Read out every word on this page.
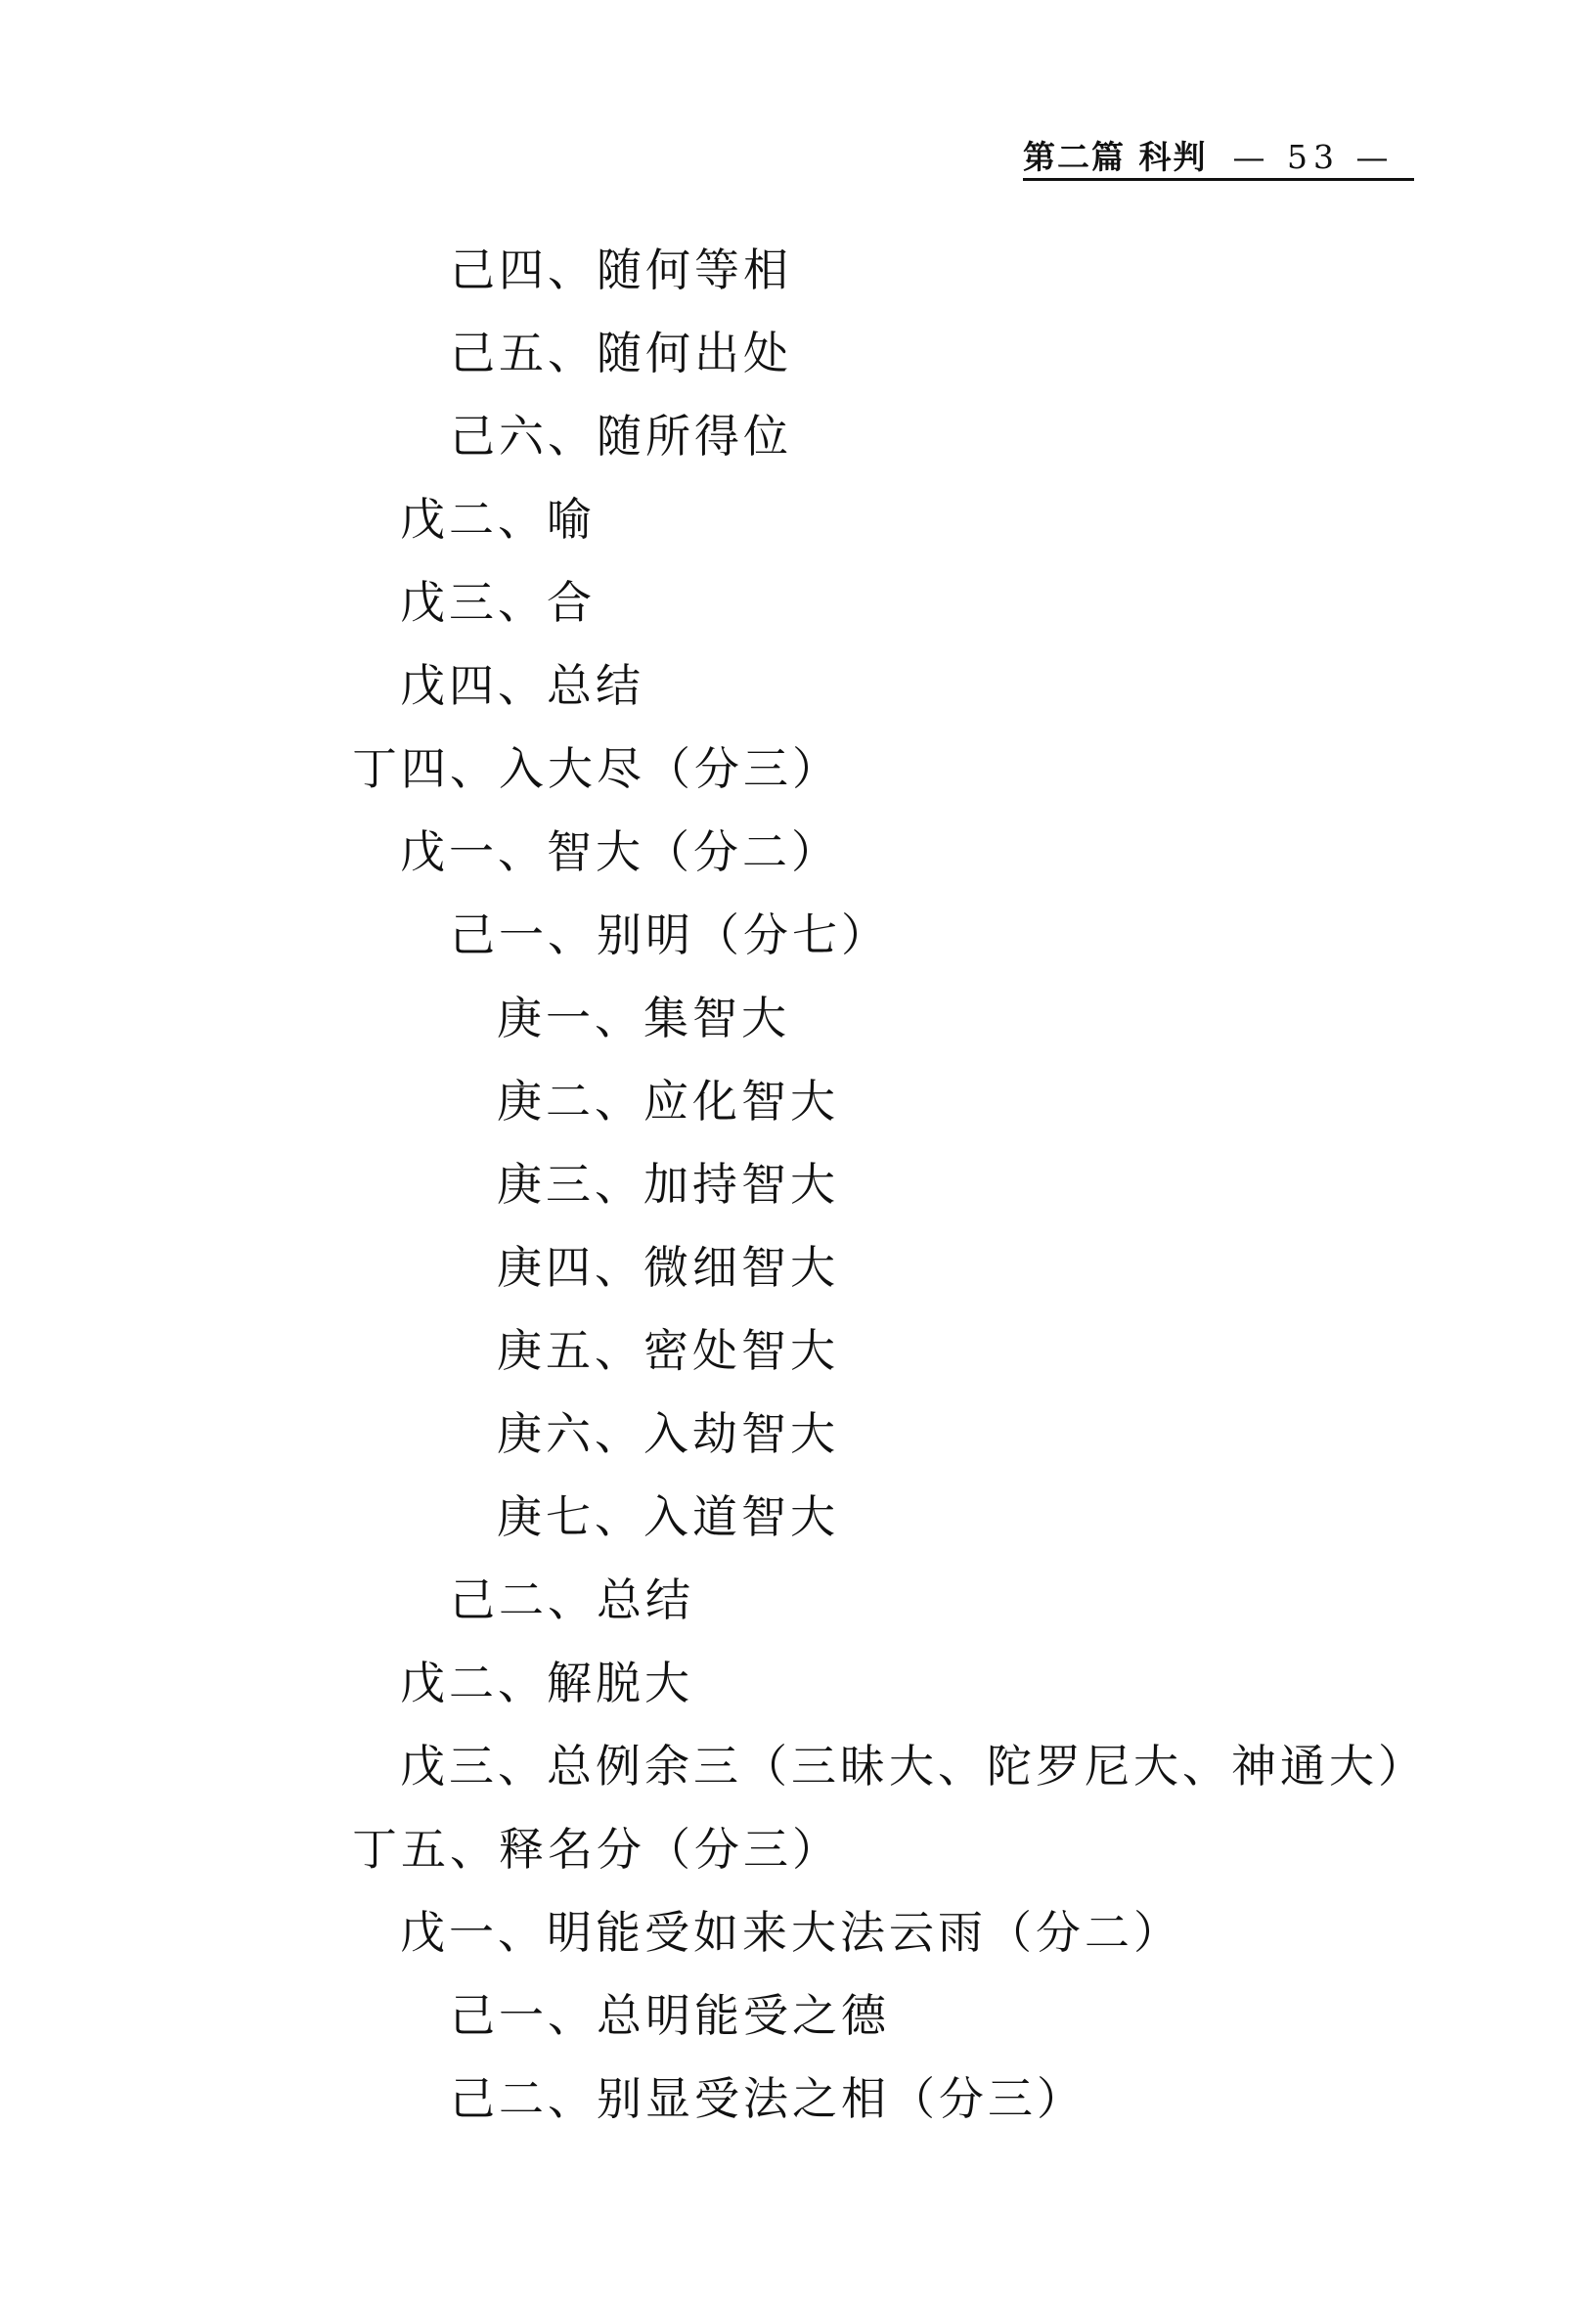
第二篇 科判 — 53 —
己四、随何等相
己五、随何出处
己六、随所得位
戊二、喻
戊三、合
戊四、总结
丁四、入大尽（分三）
戊一、智大（分二）
己一、别明（分七）
庚一、集智大
庚二、应化智大
庚三、加持智大
庚四、微细智大
庚五、密处智大
庚六、入劫智大
庚七、入道智大
己二、总结
戊二、解脱大
戊三、总例余三（三昧大、陀罗尼大、神通大）
丁五、释名分（分三）
戊一、明能受如来大法云雨（分二）
己一、总明能受之德
己二、别显受法之相（分三）
